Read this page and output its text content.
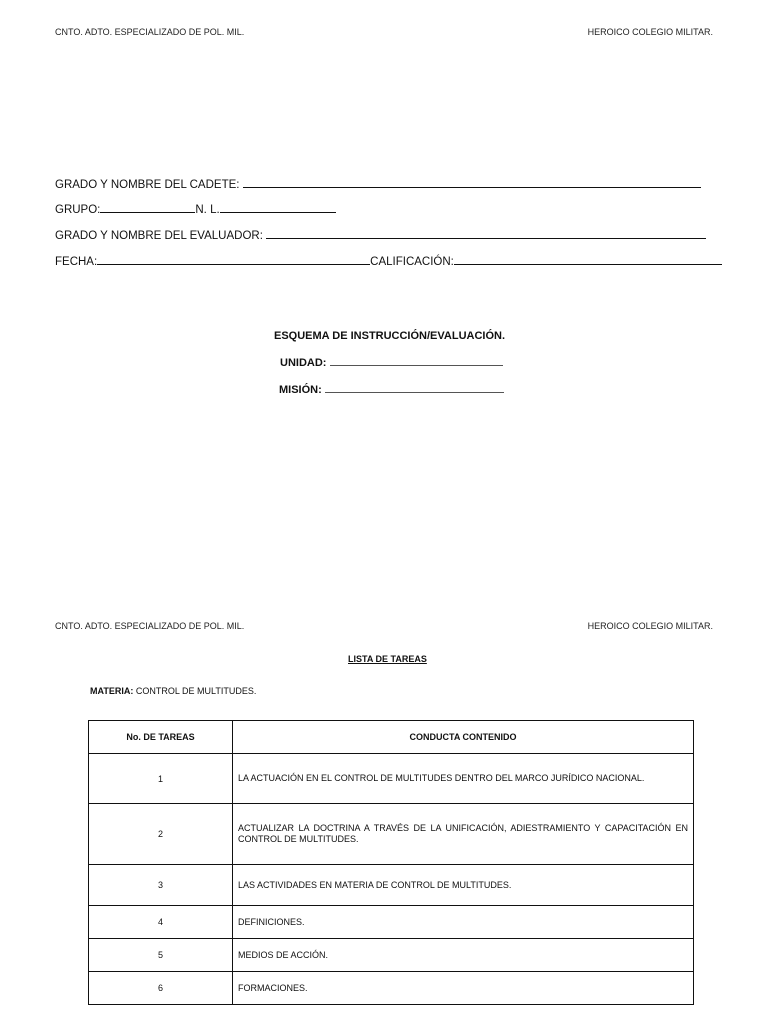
CNTO. ADTO. ESPECIALIZADO DE POL. MIL.	HEROICO COLEGIO MILITAR.
GRADO Y NOMBRE DEL CADETE:
GRUPO:	N. L.
GRADO Y NOMBRE DEL EVALUADOR:
FECHA:	CALIFICACIÓN:
ESQUEMA DE INSTRUCCIÓN/EVALUACIÓN.
UNIDAD:
MISIÓN:
CNTO. ADTO. ESPECIALIZADO DE POL. MIL.	HEROICO COLEGIO MILITAR.
LISTA DE TAREAS
MATERIA: CONTROL DE MULTITUDES.
No. DE TAREAS	CONDUCTA CONTENIDO
1	LA ACTUACIÓN EN EL CONTROL DE MULTITUDES DENTRO DEL MARCO JURÍDICO NACIONAL.
2	ACTUALIZAR LA DOCTRINA A TRAVÉS DE LA UNIFICACIÓN, ADIESTRAMIENTO Y CAPACITACIÓN EN CONTROL DE MULTITUDES.
3	LAS ACTIVIDADES EN MATERIA DE CONTROL DE MULTITUDES.
4	DEFINICIONES.
5	MEDIOS DE ACCIÓN.
6	FORMACIONES.
